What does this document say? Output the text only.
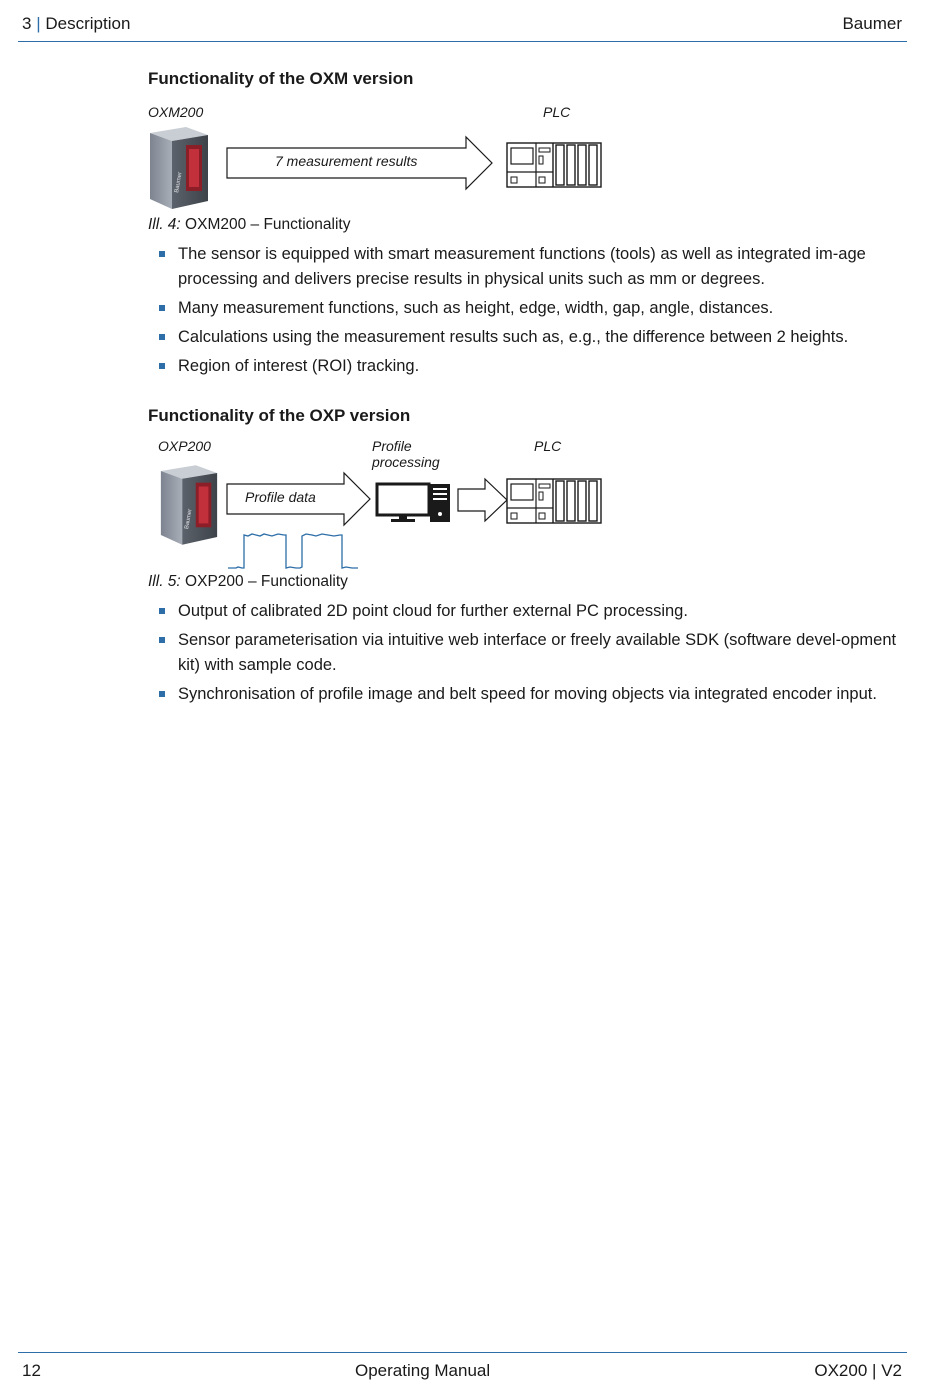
3 | Description	Baumer
Functionality of the OXM version
OXM200	PLC
Baumer
7 measurement results
Ill. 4: OXM200 – Functionality
The sensor is equipped with smart measurement functions (tools) as well as integrated im-age processing and delivers precise results in physical units such as mm or degrees.
Many measurement functions, such as height, edge, width, gap, angle, distances.
Calculations using the measurement results such as, e.g., the difference between 2 heights.
Region of interest (ROI) tracking.
Functionality of the OXP version
OXP200	Profile
processing
PLC
Baumer
Profile data
Ill. 5: OXP200 – Functionality
Output of calibrated 2D point cloud for further external PC processing.
Sensor parameterisation via intuitive web interface or freely available SDK (software devel-opment kit) with sample code.
Synchronisation of profile image and belt speed for moving objects via integrated encoder input.
12	Operating Manual	OX200 | V2
